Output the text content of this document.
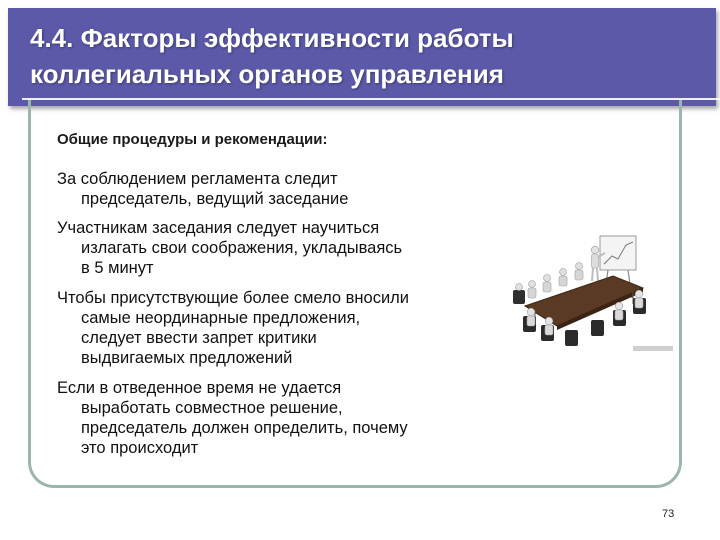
4.4. Факторы эффективности работы
коллегиальных органов управления
Общие процедуры и рекомендации:
За соблюдением регламента следит
председатель, ведущий заседание
Участникам заседания следует научиться
излагать свои соображения, укладываясь
в 5 минут
Чтобы присутствующие более смело вносили
самые неординарные предложения,
следует ввести запрет критики
выдвигаемых предложений
Если в отведенное время не удается
выработать совместное решение,
председатель должен определить, почему
это происходит
73
